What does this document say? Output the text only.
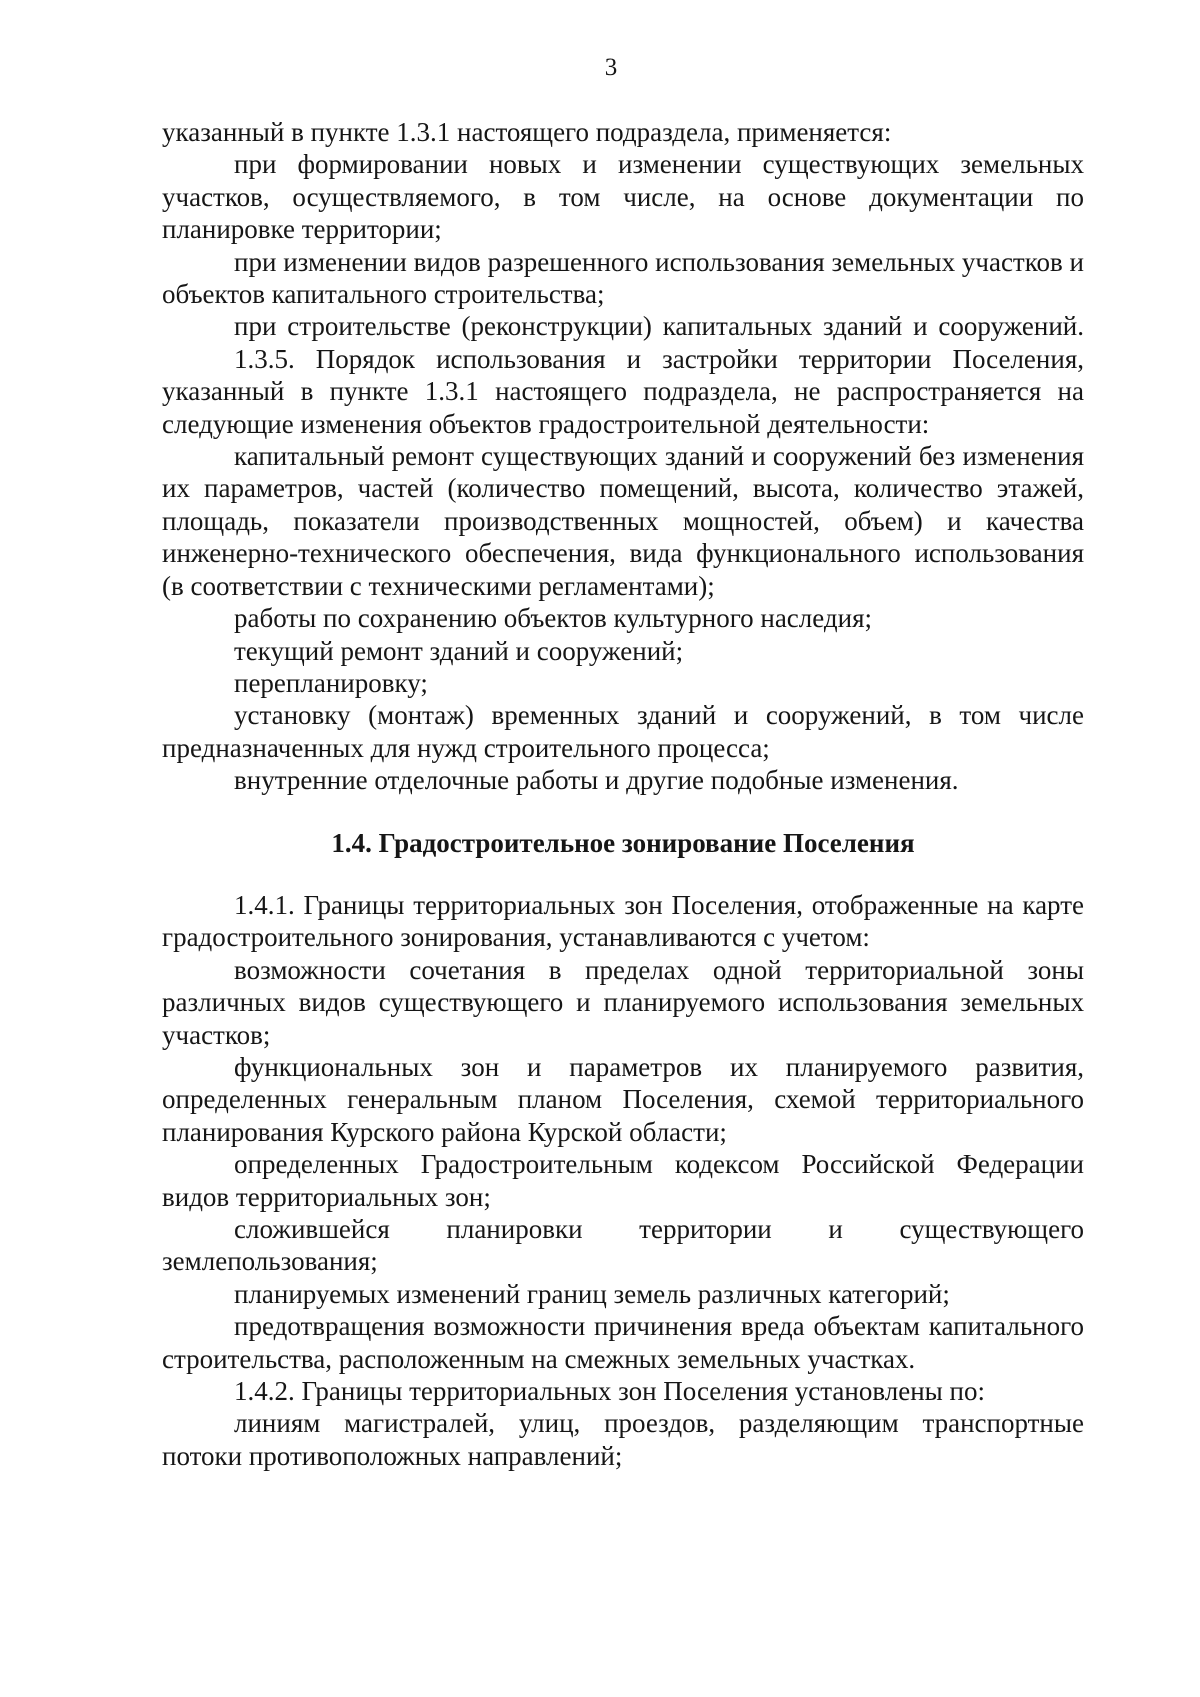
3

указанный в пункте 1.3.1 настоящего подраздела, применяется:

при формировании новых и изменении существующих земельных участков, осуществляемого, в том числе, на основе документации по планировке территории;

при изменении видов разрешенного использования земельных участков и объектов капитального строительства;

при строительстве (реконструкции) капитальных зданий и сооружений.

1.3.5. Порядок использования и застройки территории Поселения, указанный в пункте 1.3.1 настоящего подраздела, не распространяется на следующие изменения объектов градостроительной деятельности:

капитальный ремонт существующих зданий и сооружений без изменения их параметров, частей (количество помещений, высота, количество этажей, площадь, показатели производственных мощностей, объем) и качества инженерно-технического обеспечения, вида функционального использования (в соответствии с техническими регламентами);

работы по сохранению объектов культурного наследия;

текущий ремонт зданий и сооружений;

перепланировку;

установку (монтаж) временных зданий и сооружений, в том числе предназначенных для нужд строительного процесса;

внутренние отделочные работы и другие подобные изменения.

1.4. Градостроительное зонирование Поселения

1.4.1. Границы территориальных зон Поселения, отображенные на карте градостроительного зонирования, устанавливаются с учетом:

возможности сочетания в пределах одной территориальной зоны различных видов существующего и планируемого использования земельных участков;

функциональных зон и параметров их планируемого развития, определенных генеральным планом Поселения, схемой территориального планирования Курского района Курской области;

определенных Градостроительным кодексом Российской Федерации видов территориальных зон;

сложившейся планировки территории и существующего землепользования;

планируемых изменений границ земель различных категорий;

предотвращения возможности причинения вреда объектам капитального строительства, расположенным на смежных земельных участках.

1.4.2. Границы территориальных зон Поселения установлены по:

линиям магистралей, улиц, проездов, разделяющим транспортные потоки противоположных направлений;
